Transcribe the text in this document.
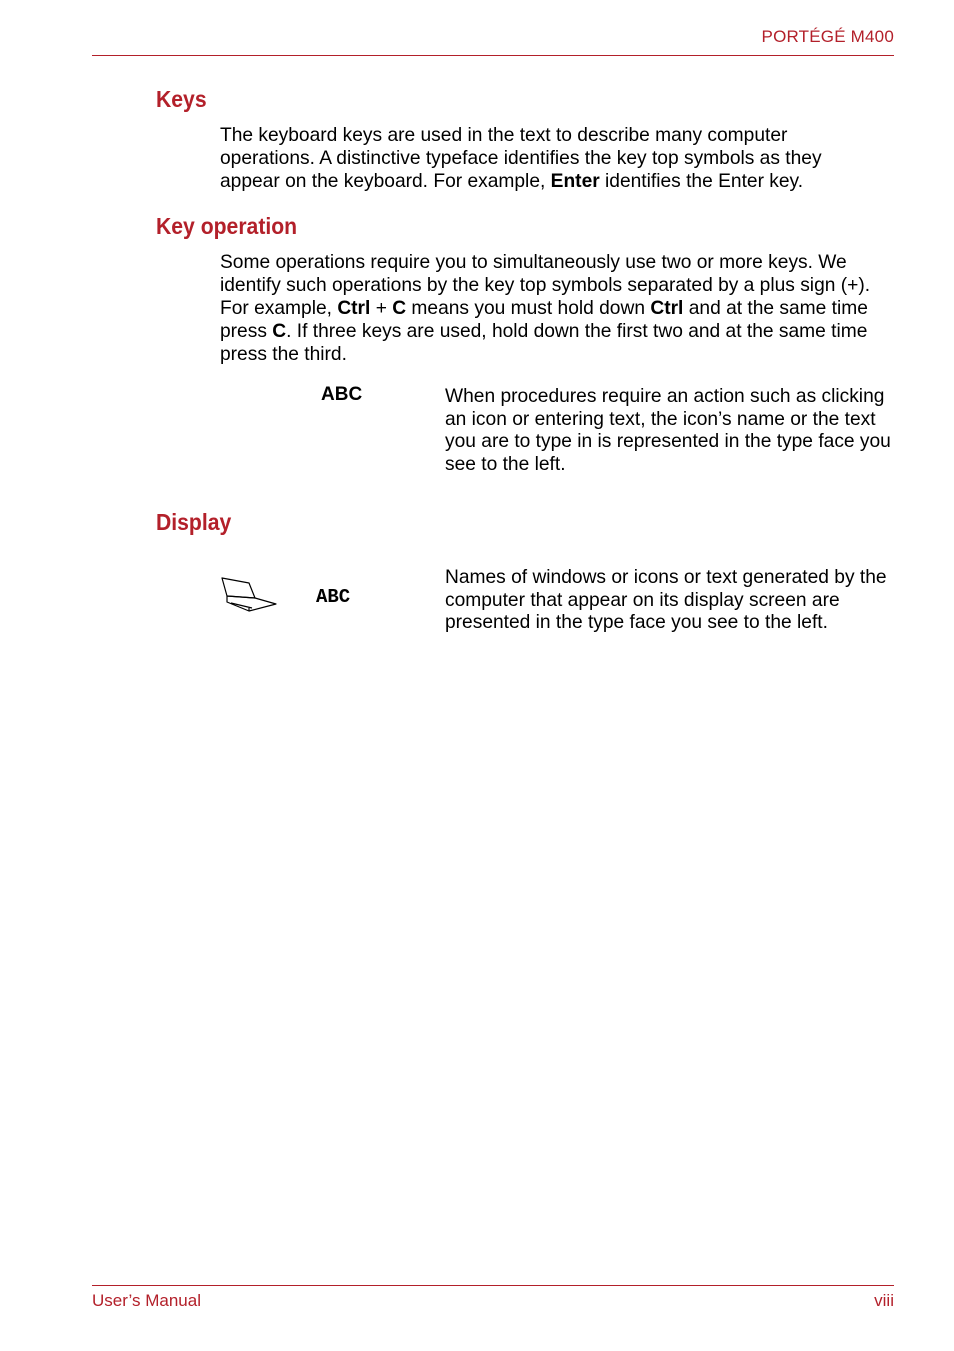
PORTÉGÉ M400
Keys

The keyboard keys are used in the text to describe many computer operations. A distinctive typeface identifies the key top symbols as they appear on the keyboard. For example, Enter identifies the Enter key.

Key operation

Some operations require you to simultaneously use two or more keys. We identify such operations by the key top symbols separated by a plus sign (+). For example, Ctrl + C means you must hold down Ctrl and at the same time press C. If three keys are used, hold down the first two and at the same time press the third.

ABC	When procedures require an action such as clicking an icon or entering text, the icon’s name or the text you are to type in is represented in the type face you see to the left.

Display
ABC

Names of windows or icons or text generated by the computer that appear on its display screen are presented in the type face you see to the left.

User’s Manual	viii
